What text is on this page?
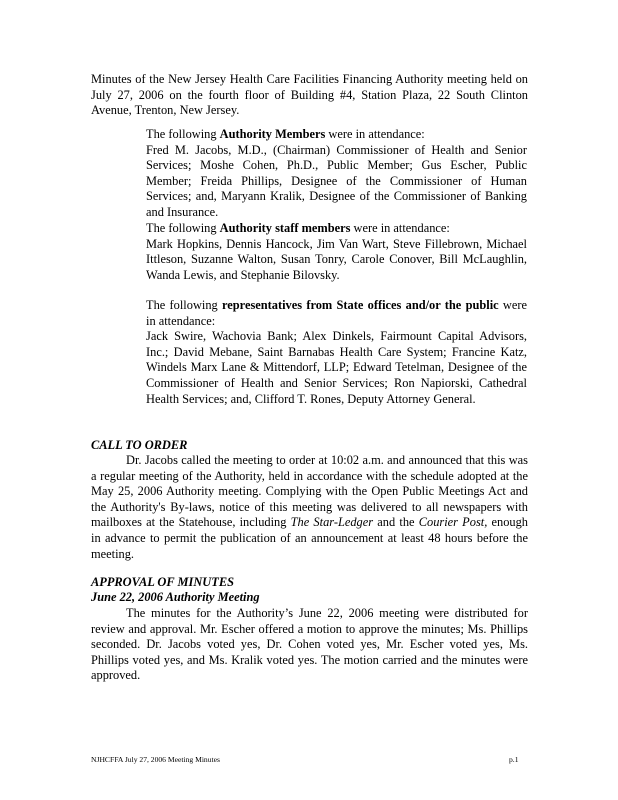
Minutes of the New Jersey Health Care Facilities Financing Authority meeting held on July 27, 2006 on the fourth floor of Building #4, Station Plaza, 22 South Clinton Avenue, Trenton, New Jersey.

The following Authority Members were in attendance:
Fred M. Jacobs, M.D., (Chairman) Commissioner of Health and Senior Services; Moshe Cohen, Ph.D., Public Member; Gus Escher, Public Member; Freida Phillips, Designee of the Commissioner of Human Services; and, Maryann Kralik, Designee of the Commissioner of Banking and Insurance.
The following Authority staff members were in attendance:
Mark Hopkins, Dennis Hancock, Jim Van Wart, Steve Fillebrown, Michael Ittleson, Suzanne Walton, Susan Tonry, Carole Conover, Bill McLaughlin, Wanda Lewis, and Stephanie Bilovsky.
The following representatives from State offices and/or the public were in attendance:
Jack Swire, Wachovia Bank; Alex Dinkels, Fairmount Capital Advisors, Inc.; David Mebane, Saint Barnabas Health Care System; Francine Katz, Windels Marx Lane & Mittendorf, LLP; Edward Tetelman, Designee of the Commissioner of Health and Senior Services; Ron Napiorski, Cathedral Health Services; and, Clifford T. Rones, Deputy Attorney General.
CALL TO ORDER

Dr. Jacobs called the meeting to order at 10:02 a.m. and announced that this was a regular meeting of the Authority, held in accordance with the schedule adopted at the May 25, 2006 Authority meeting. Complying with the Open Public Meetings Act and the Authority's By-laws, notice of this meeting was delivered to all newspapers with mailboxes at the Statehouse, including The Star-Ledger and the Courier Post, enough in advance to permit the publication of an announcement at least 48 hours before the meeting.

APPROVAL OF MINUTES
June 22, 2006 Authority Meeting

The minutes for the Authority’s June 22, 2006 meeting were distributed for review and approval. Mr. Escher offered a motion to approve the minutes; Ms. Phillips seconded. Dr. Jacobs voted yes, Dr. Cohen voted yes, Mr. Escher voted yes, Ms. Phillips voted yes, and Ms. Kralik voted yes. The motion carried and the minutes were approved.

NJHCFFA July 27, 2006 Meeting Minutes	p.1
